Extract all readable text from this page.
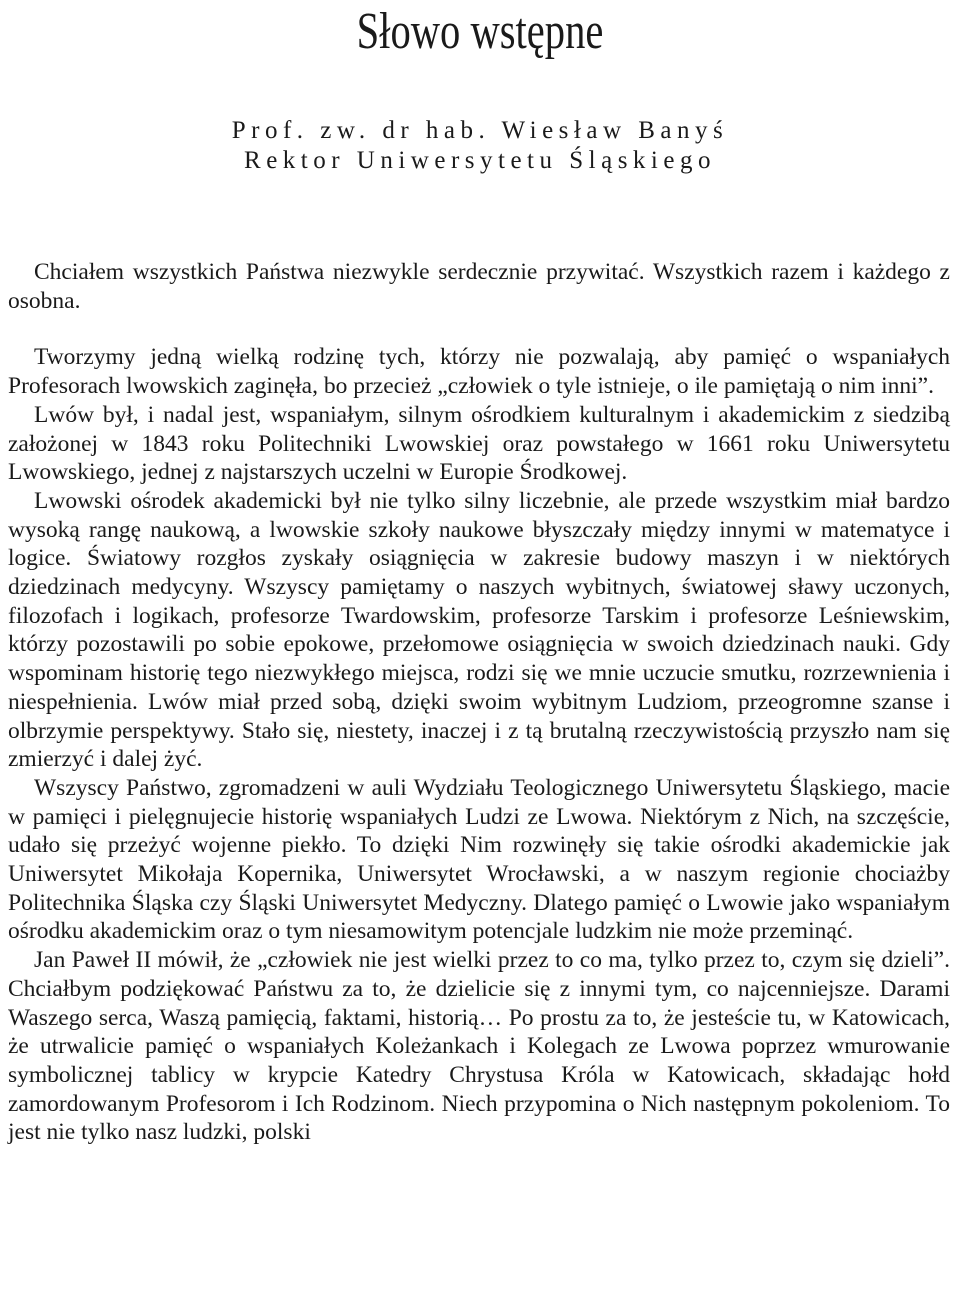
Słowo wstępne
Prof. zw. dr hab. Wiesław Banyś
Rektor Uniwersytetu Śląskiego

Chciałem wszystkich Państwa niezwykle serdecznie przywitać. Wszystkich razem i każdego z osobna.

Tworzymy jedną wielką rodzinę tych, którzy nie pozwalają, aby pamięć o wspaniałych Profesorach lwowskich zaginęła, bo przecież „człowiek o tyle istnieje, o ile pamiętają o nim inni”.

Lwów był, i nadal jest, wspaniałym, silnym ośrodkiem kulturalnym i akademickim z siedzibą założonej w 1843 roku Politechniki Lwowskiej oraz powstałego w 1661 roku Uniwersytetu Lwowskiego, jednej z najstarszych uczelni w Europie Środkowej.

Lwowski ośrodek akademicki był nie tylko silny liczebnie, ale przede wszystkim miał bardzo wysoką rangę naukową, a lwowskie szkoły naukowe błyszczały między innymi w matematyce i logice. Światowy rozgłos zyskały osiągnięcia w zakresie budowy maszyn i w niektórych dziedzinach medycyny. Wszyscy pamiętamy o naszych wybitnych, światowej sławy uczonych, filozofach i logikach, profesorze Twardowskim, profesorze Tarskim i profesorze Leśniewskim, którzy pozostawili po sobie epokowe, przełomowe osiągnięcia w swoich dziedzinach nauki. Gdy wspominam historię tego niezwykłego miejsca, rodzi się we mnie uczucie smutku, rozrzewnienia i niespełnienia. Lwów miał przed sobą, dzięki swoim wybitnym Ludziom, przeogromne szanse i olbrzymie perspektywy. Stało się, niestety, inaczej i z tą brutalną rzeczywistością przyszło nam się zmierzyć i dalej żyć.

Wszyscy Państwo, zgromadzeni w auli Wydziału Teologicznego Uniwersytetu Śląskiego, macie w pamięci i pielęgnujecie historię wspaniałych Ludzi ze Lwowa. Niektórym z Nich, na szczęście, udało się przeżyć wojenne piekło. To dzięki Nim rozwinęły się takie ośrodki akademickie jak Uniwersytet Mikołaja Kopernika, Uniwersytet Wrocławski, a w naszym regionie chociażby Politechnika Śląska czy Śląski Uniwersytet Medyczny. Dlatego pamięć o Lwowie jako wspaniałym ośrodku akademickim oraz o tym niesamowitym potencjale ludzkim nie może przeminąć.

Jan Paweł II mówił, że „człowiek nie jest wielki przez to co ma, tylko przez to, czym się dzieli”. Chciałbym podziękować Państwu za to, że dzielicie się z innymi tym, co najcenniejsze. Darami Waszego serca, Waszą pamięcią, faktami, historią… Po prostu za to, że jesteście tu, w Katowicach, że utrwalicie pamięć o wspaniałych Koleżankach i Kolegach ze Lwowa poprzez wmurowanie symbolicznej tablicy w krypcie Katedry Chrystusa Króla w Katowicach, składając hołd zamordowanym Profesorom i Ich Rodzinom. Niech przypomina o Nich następnym pokoleniom. To jest nie tylko nasz ludzki, polski
